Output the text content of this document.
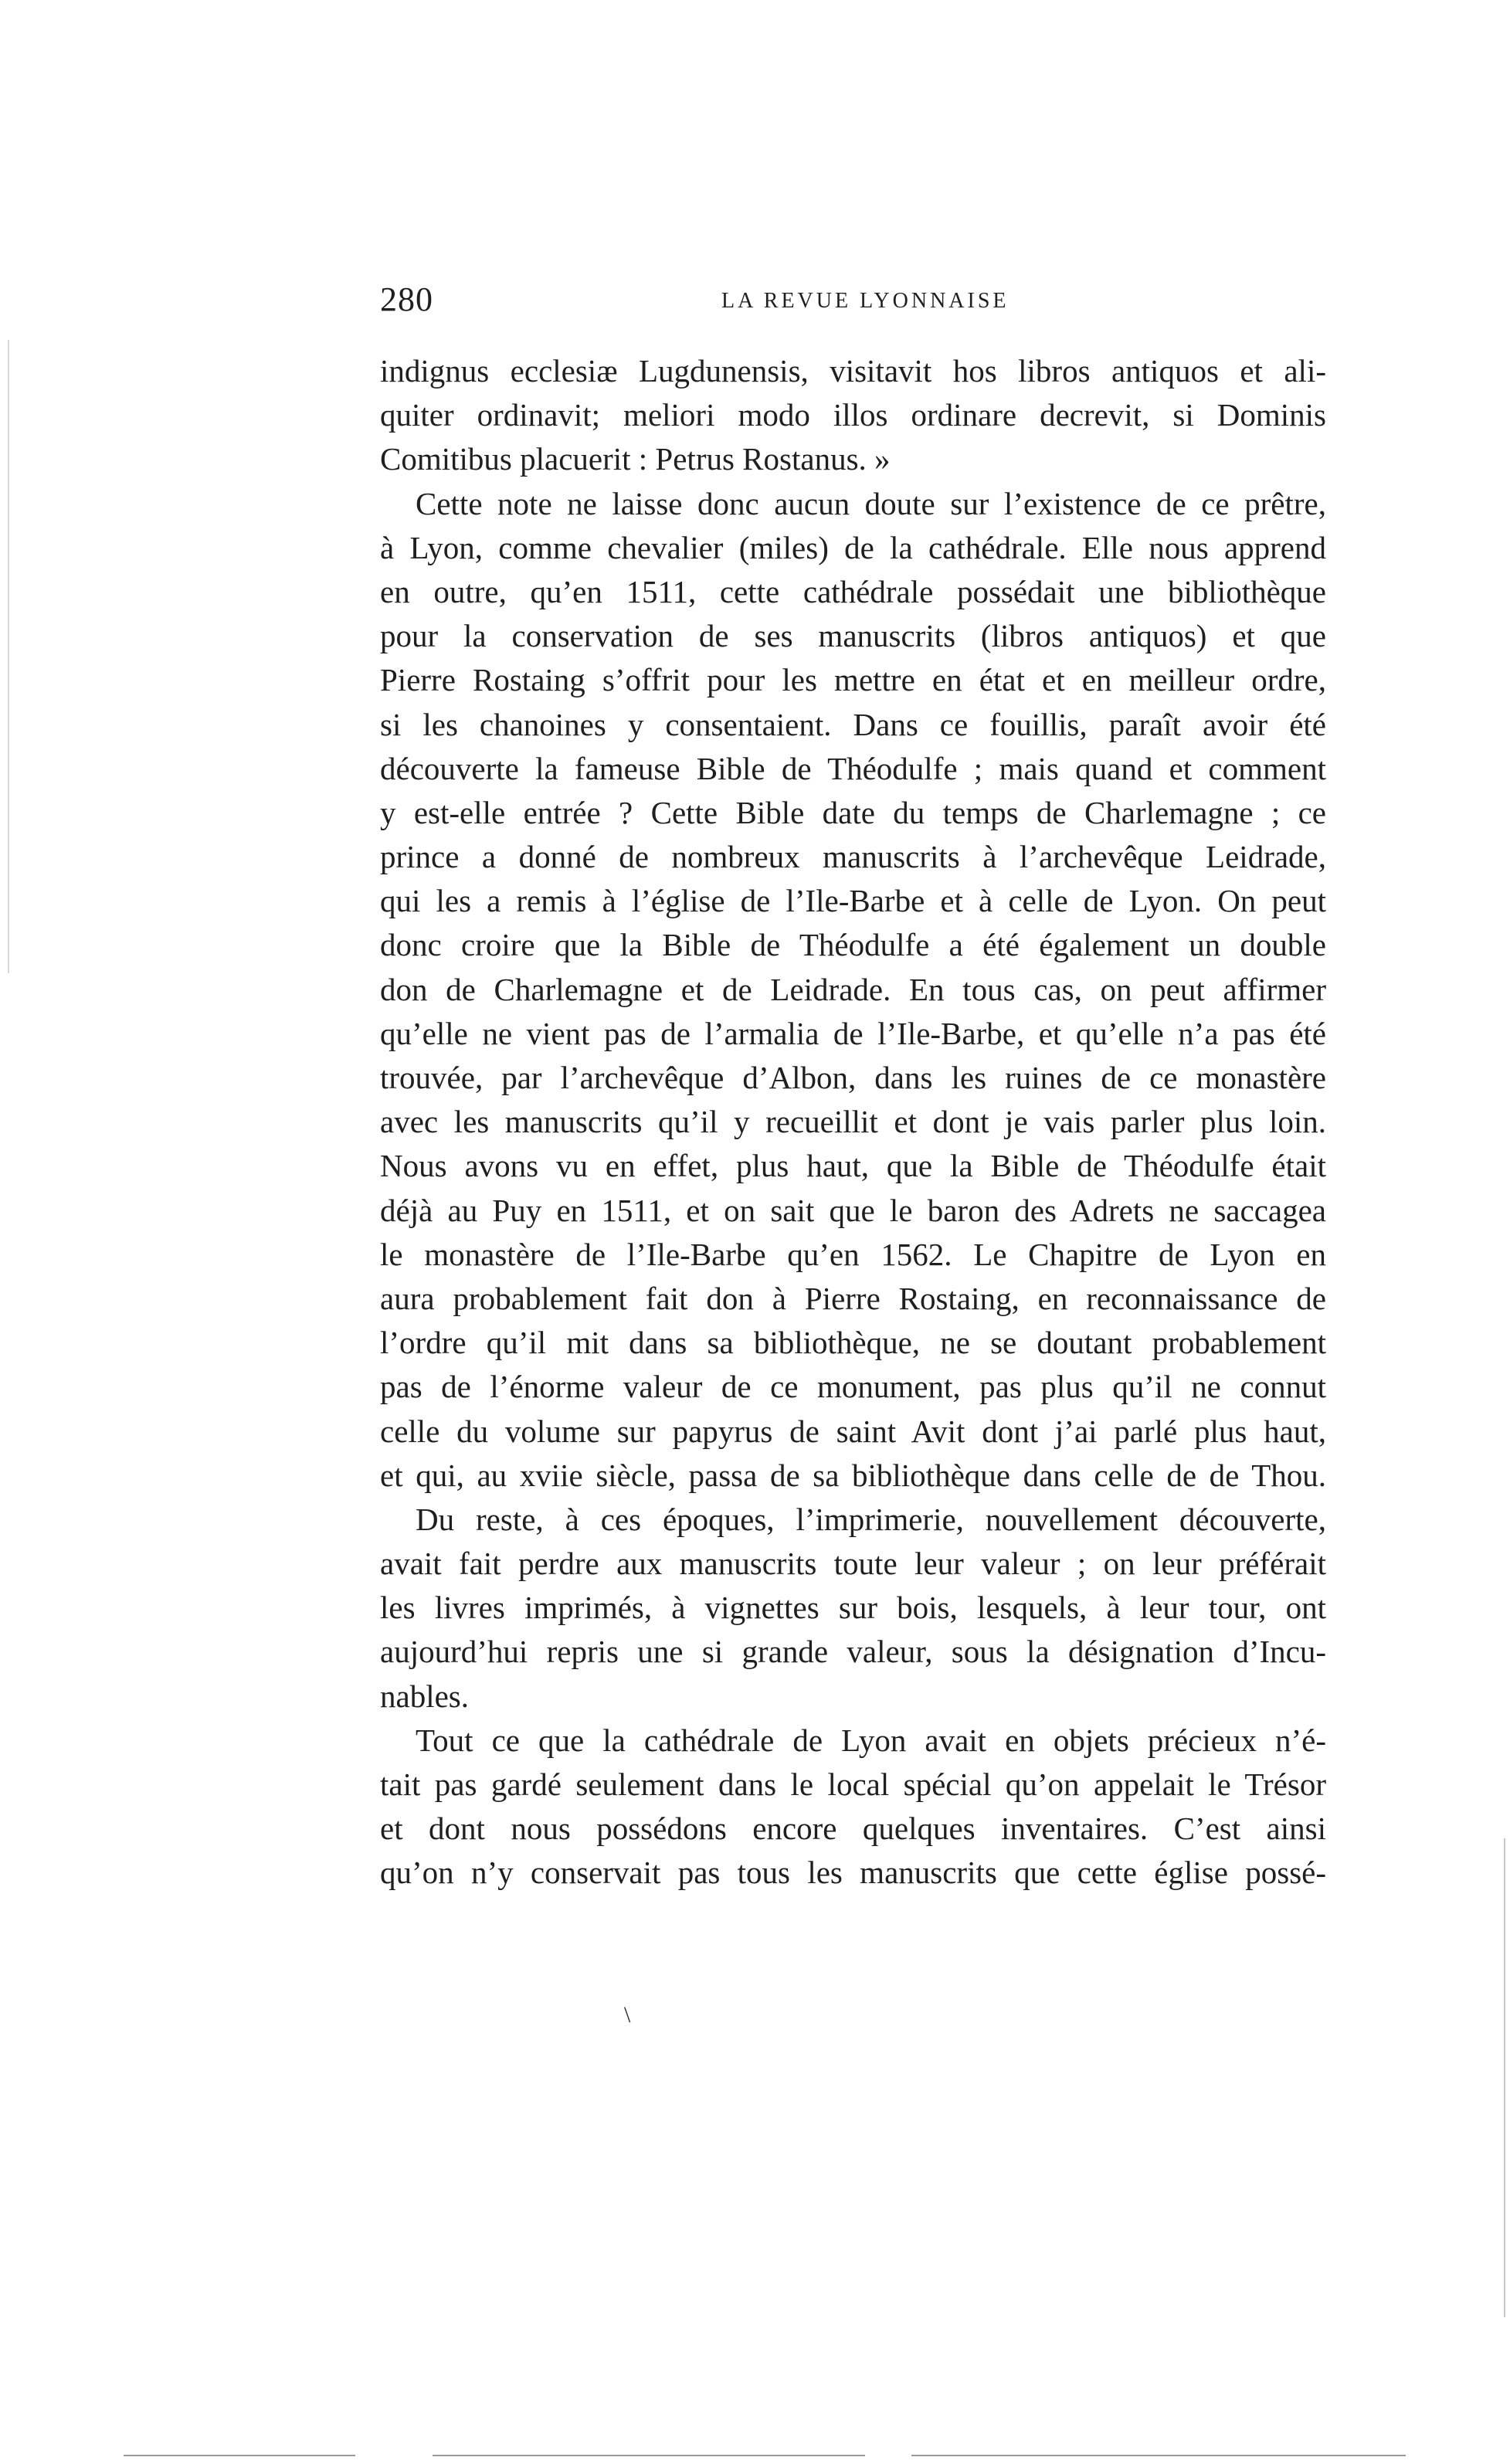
280	LA REVUE LYONNAISE
indignus ecclesiæ Lugdunensis, visitavit hos libros antiquos et ali-
quiter ordinavit; meliori modo illos ordinare decrevit, si Dominis
Comitibus placuerit : Petrus Rostanus. »
Cette note ne laisse donc aucun doute sur l’existence de ce prêtre,
à Lyon, comme chevalier (miles) de la cathédrale. Elle nous apprend
en outre, qu’en 1511, cette cathédrale possédait une bibliothèque
pour la conservation de ses manuscrits (libros antiquos) et que
Pierre Rostaing s’offrit pour les mettre en état et en meilleur ordre,
si les chanoines y consentaient. Dans ce fouillis, paraît avoir été
découverte la fameuse Bible de Théodulfe ; mais quand et comment
y est-elle entrée ? Cette Bible date du temps de Charlemagne ; ce
prince a donné de nombreux manuscrits à l’archevêque Leidrade,
qui les a remis à l’église de l’Ile-Barbe et à celle de Lyon. On peut
donc croire que la Bible de Théodulfe a été également un double
don de Charlemagne et de Leidrade. En tous cas, on peut affirmer
qu’elle ne vient pas de l’armalia de l’Ile-Barbe, et qu’elle n’a pas été
trouvée, par l’archevêque d’Albon, dans les ruines de ce monastère
avec les manuscrits qu’il y recueillit et dont je vais parler plus loin.
Nous avons vu en effet, plus haut, que la Bible de Théodulfe était
déjà au Puy en 1511, et on sait que le baron des Adrets ne saccagea
le monastère de l’Ile-Barbe qu’en 1562. Le Chapitre de Lyon en
aura probablement fait don à Pierre Rostaing, en reconnaissance de
l’ordre qu’il mit dans sa bibliothèque, ne se doutant probablement
pas de l’énorme valeur de ce monument, pas plus qu’il ne connut
celle du volume sur papyrus de saint Avit dont j’ai parlé plus haut,
et qui, au xviie siècle, passa de sa bibliothèque dans celle de de Thou.
Du reste, à ces époques, l’imprimerie, nouvellement découverte,
avait fait perdre aux manuscrits toute leur valeur ; on leur préférait
les livres imprimés, à vignettes sur bois, lesquels, à leur tour, ont
aujourd’hui repris une si grande valeur, sous la désignation d’Incu-
nables.
Tout ce que la cathédrale de Lyon avait en objets précieux n’é-
tait pas gardé seulement dans le local spécial qu’on appelait le Trésor
et dont nous possédons encore quelques inventaires. C’est ainsi
qu’on n’y conservait pas tous les manuscrits que cette église possé-
\
